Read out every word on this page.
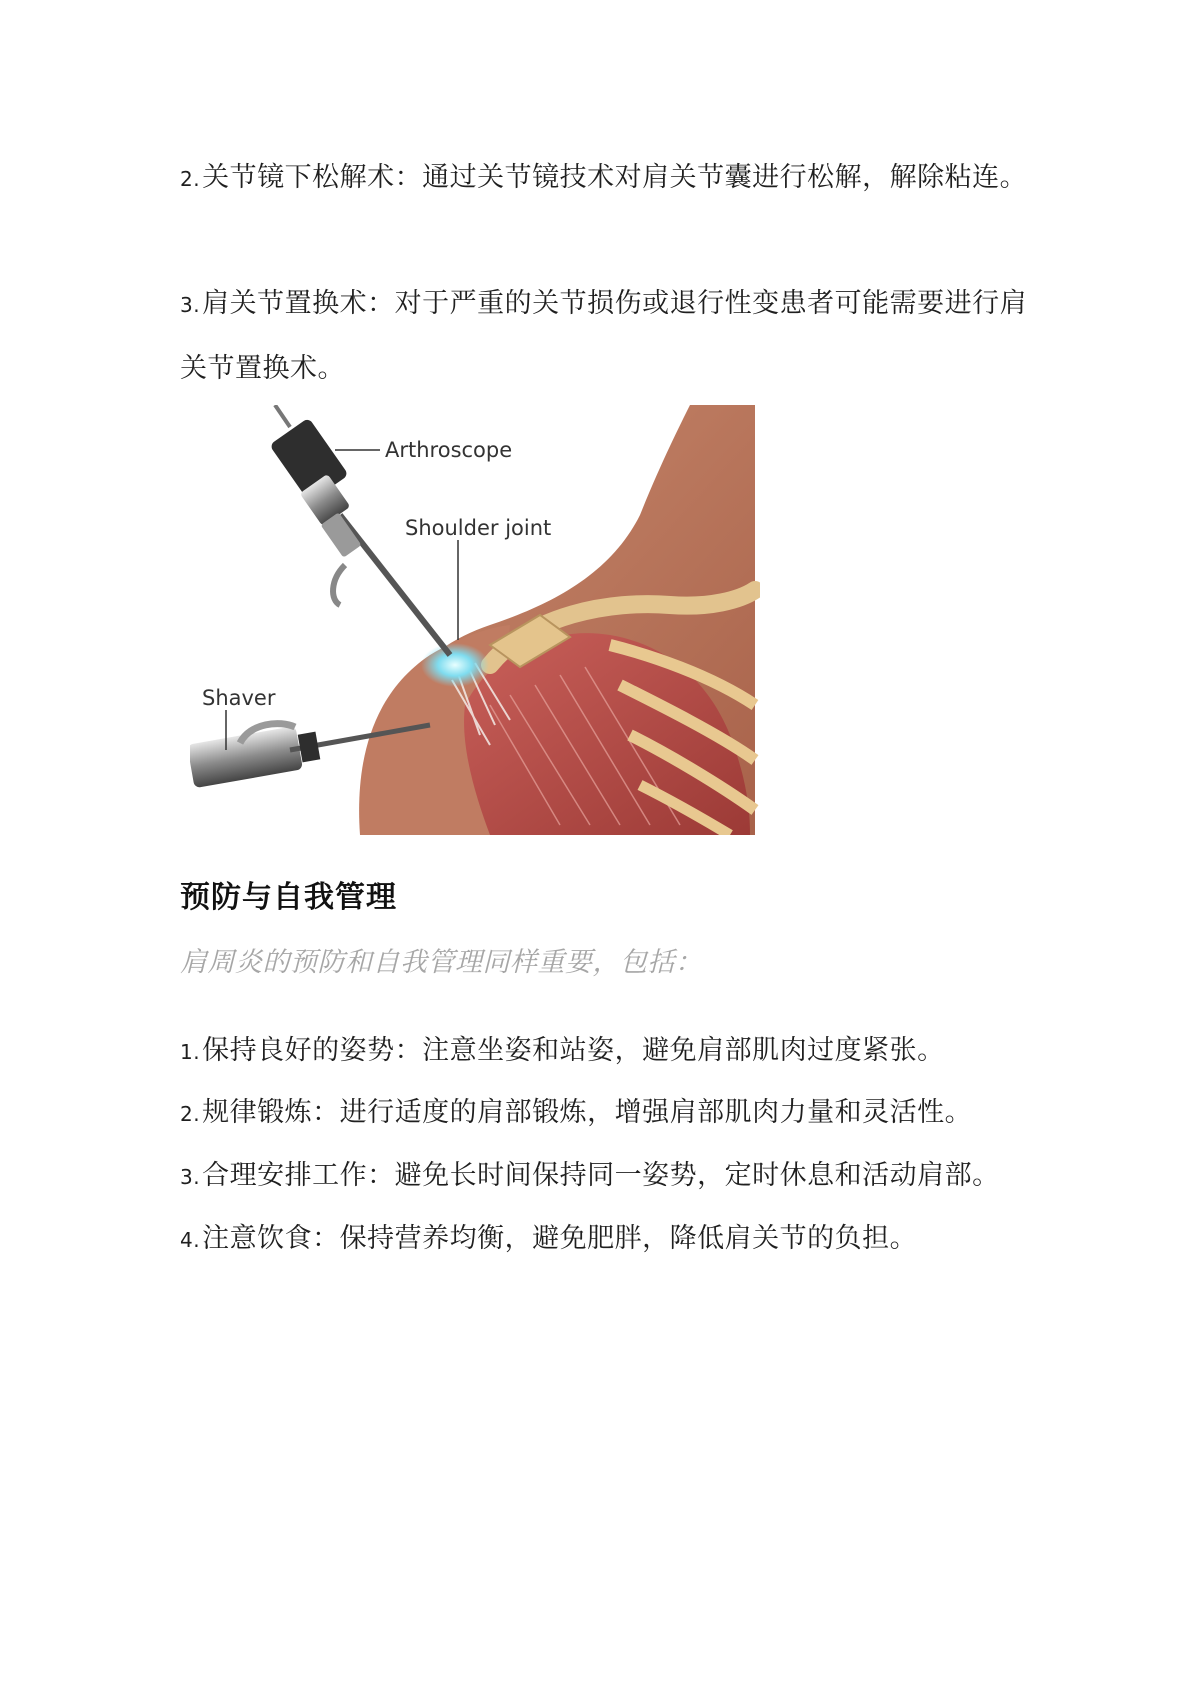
2.关节镜下松解术：通过关节镜技术对肩关节囊进行松解，解除粘连。
3.肩关节置换术：对于严重的关节损伤或退行性变患者可能需要进行肩关节置换术。
Arthroscope
Shoulder joint
Shaver
预防与自我管理
肩周炎的预防和自我管理同样重要，包括：
1.保持良好的姿势：注意坐姿和站姿，避免肩部肌肉过度紧张。
2.规律锻炼：进行适度的肩部锻炼，增强肩部肌肉力量和灵活性。
3.合理安排工作：避免长时间保持同一姿势，定时休息和活动肩部。
4.注意饮食：保持营养均衡，避免肥胖，降低肩关节的负担。
